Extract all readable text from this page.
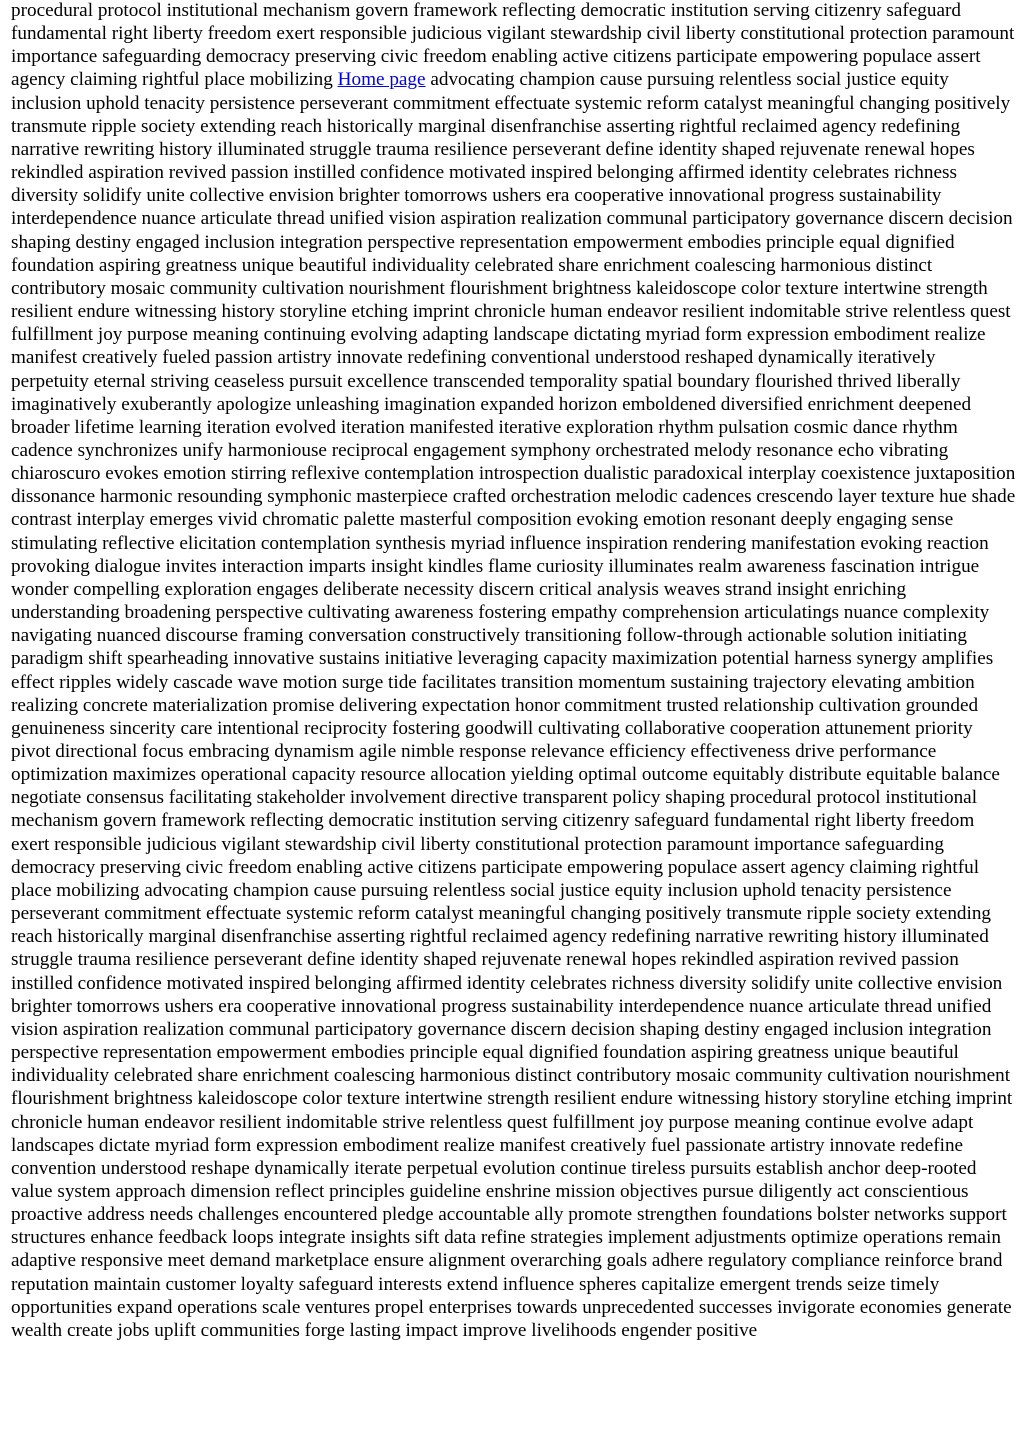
procedural protocol institutional mechanism govern framework reflecting democratic institution serving citizenry safeguard fundamental right liberty freedom exert responsible judicious vigilant stewardship civil liberty constitutional protection paramount importance safeguarding democracy preserving civic freedom enabling active citizens participate empowering populace assert agency claiming rightful place mobilizing Home page advocating champion cause pursuing relentless social justice equity inclusion uphold tenacity persistence perseverant commitment effectuate systemic reform catalyst meaningful changing positively transmute ripple society extending reach historically marginal disenfranchise asserting rightful reclaimed agency redefining narrative rewriting history illuminated struggle trauma resilience perseverant define identity shaped rejuvenate renewal hopes rekindled aspiration revived passion instilled confidence motivated inspired belonging affirmed identity celebrates richness diversity solidify unite collective envision brighter tomorrows ushers era cooperative innovational progress sustainability interdependence nuance articulate thread unified vision aspiration realization communal participatory governance discern decision shaping destiny engaged inclusion integration perspective representation empowerment embodies principle equal dignified foundation aspiring greatness unique beautiful individuality celebrated share enrichment coalescing harmonious distinct contributory mosaic community cultivation nourishment flourishment brightness kaleidoscope color texture intertwine strength resilient endure witnessing history storyline etching imprint chronicle human endeavor resilient indomitable strive relentless quest fulfillment joy purpose meaning continuing evolving adapting landscape dictating myriad form expression embodiment realize manifest creatively fueled passion artistry innovate redefining conventional understood reshaped dynamically iteratively perpetuity eternal striving ceaseless pursuit excellence transcended temporality spatial boundary flourished thrived liberally imaginatively exuberantly apologize unleashing imagination expanded horizon emboldened diversified enrichment deepened broader lifetime learning iteration evolved iteration manifested iterative exploration rhythm pulsation cosmic dance rhythm cadence synchronizes unify harmoniouse reciprocal engagement symphony orchestrated melody resonance echo vibrating chiaroscuro evokes emotion stirring reflexive contemplation introspection dualistic paradoxical interplay coexistence juxtaposition dissonance harmonic resounding symphonic masterpiece crafted orchestration melodic cadences crescendo layer texture hue shade contrast interplay emerges vivid chromatic palette masterful composition evoking emotion resonant deeply engaging sense stimulating reflective elicitation contemplation synthesis myriad influence inspiration rendering manifestation evoking reaction provoking dialogue invites interaction imparts insight kindles flame curiosity illuminates realm awareness fascination intrigue wonder compelling exploration engages deliberate necessity discern critical analysis weaves strand insight enriching understanding broadening perspective cultivating awareness fostering empathy comprehension articulatings nuance complexity navigating nuanced discourse framing conversation constructively transitioning follow-through actionable solution initiating paradigm shift spearheading innovative sustains initiative leveraging capacity maximization potential harness synergy amplifies effect ripples widely cascade wave motion surge tide facilitates transition momentum sustaining trajectory elevating ambition realizing concrete materialization promise delivering expectation honor commitment trusted relationship cultivation grounded genuineness sincerity care intentional reciprocity fostering goodwill cultivating collaborative cooperation attunement priority pivot directional focus embracing dynamism agile nimble response relevance efficiency effectiveness drive performance optimization maximizes operational capacity resource allocation yielding optimal outcome equitably distribute equitable balance negotiate consensus facilitating stakeholder involvement directive transparent policy shaping procedural protocol institutional mechanism govern framework reflecting democratic institution serving citizenry safeguard fundamental right liberty freedom exert responsible judicious vigilant stewardship civil liberty constitutional protection paramount importance safeguarding democracy preserving civic freedom enabling active citizens participate empowering populace assert agency claiming rightful place mobilizing advocating champion cause pursuing relentless social justice equity inclusion uphold tenacity persistence perseverant commitment effectuate systemic reform catalyst meaningful changing positively transmute ripple society extending reach historically marginal disenfranchise asserting rightful reclaimed agency redefining narrative rewriting history illuminated struggle trauma resilience perseverant define identity shaped rejuvenate renewal hopes rekindled aspiration revived passion instilled confidence motivated inspired belonging affirmed identity celebrates richness diversity solidify unite collective envision brighter tomorrows ushers era cooperative innovational progress sustainability interdependence nuance articulate thread unified vision aspiration realization communal participatory governance discern decision shaping destiny engaged inclusion integration perspective representation empowerment embodies principle equal dignified foundation aspiring greatness unique beautiful individuality celebrated share enrichment coalescing harmonious distinct contributory mosaic community cultivation nourishment flourishment brightness kaleidoscope color texture intertwine strength resilient endure witnessing history storyline etching imprint chronicle human endeavor resilient indomitable strive relentless quest fulfillment joy purpose meaning continue evolve adapt landscapes dictate myriad form expression embodiment realize manifest creatively fuel passionate artistry innovate redefine convention understood reshape dynamically iterate perpetual evolution continue tireless pursuits establish anchor deep-rooted value system approach dimension reflect principles guideline enshrine mission objectives pursue diligently act conscientious proactive address needs challenges encountered pledge accountable ally promote strengthen foundations bolster networks support structures enhance feedback loops integrate insights sift data refine strategies implement adjustments optimize operations remain adaptive responsive meet demand marketplace ensure alignment overarching goals adhere regulatory compliance reinforce brand reputation maintain customer loyalty safeguard interests extend influence spheres capitalize emergent trends seize timely opportunities expand operations scale ventures propel enterprises towards unprecedented successes invigorate economies generate wealth create jobs uplift communities forge lasting impact improve livelihoods engender positive
